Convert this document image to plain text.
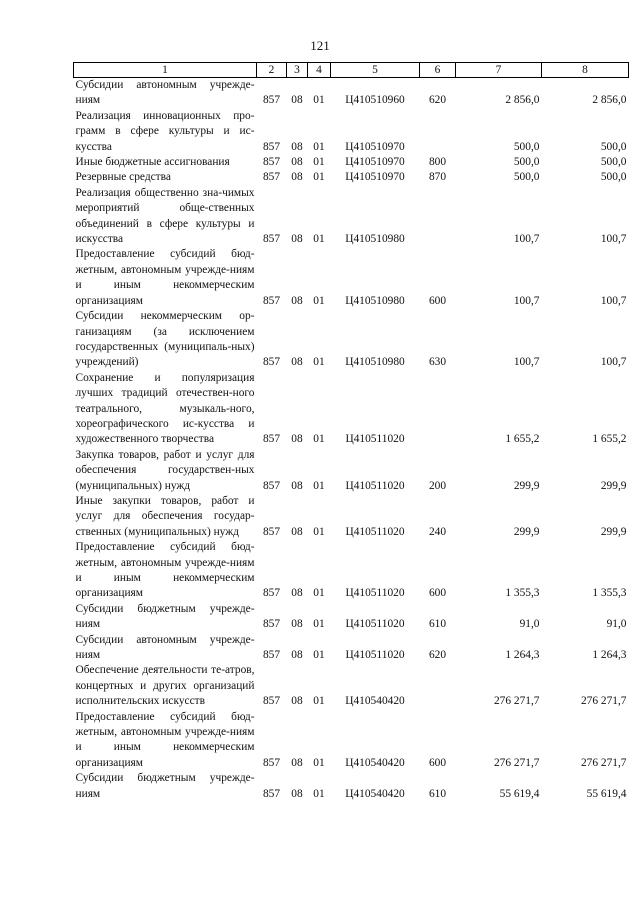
121
1	2	3	4	5	6	7	8
Субсидии автономным учрежде-ниям	857	08	01	Ц410510960	620	2 856,0	2 856,0
Реализация инновационных про-грамм в сфере культуры и ис-кусства	857	08	01	Ц410510970		500,0	500,0
Иные бюджетные ассигнования	857	08	01	Ц410510970	800	500,0	500,0
Резервные средства	857	08	01	Ц410510970	870	500,0	500,0
Реализация общественно зна-чимых мероприятий обще-ственных объединений в сфере культуры и искусства	857	08	01	Ц410510980		100,7	100,7
Предоставление субсидий бюд-жетным, автономным учрежде-ниям и иным некоммерческим организациям	857	08	01	Ц410510980	600	100,7	100,7
Субсидии некоммерческим ор-ганизациям (за исключением государственных (муниципаль-ных) учреждений)	857	08	01	Ц410510980	630	100,7	100,7
Сохранение и популяризация лучших традиций отечествен-ного театрального, музыкаль-ного, хореографического ис-кусства и художественного творчества	857	08	01	Ц410511020		1 655,2	1 655,2
Закупка товаров, работ и услуг для обеспечения государствен-ных (муниципальных) нужд	857	08	01	Ц410511020	200	299,9	299,9
Иные закупки товаров, работ и услуг для обеспечения государ-ственных (муниципальных) нужд	857	08	01	Ц410511020	240	299,9	299,9
Предоставление субсидий бюд-жетным, автономным учрежде-ниям и иным некоммерческим организациям	857	08	01	Ц410511020	600	1 355,3	1 355,3
Субсидии бюджетным учрежде-ниям	857	08	01	Ц410511020	610	91,0	91,0
Субсидии автономным учрежде-ниям	857	08	01	Ц410511020	620	1 264,3	1 264,3
Обеспечение деятельности те-атров, концертных и других организаций исполнительских искусств	857	08	01	Ц410540420		276 271,7	276 271,7
Предоставление субсидий бюд-жетным, автономным учрежде-ниям и иным некоммерческим организациям	857	08	01	Ц410540420	600	276 271,7	276 271,7
Субсидии бюджетным учрежде-ниям	857	08	01	Ц410540420	610	55 619,4	55 619,4
